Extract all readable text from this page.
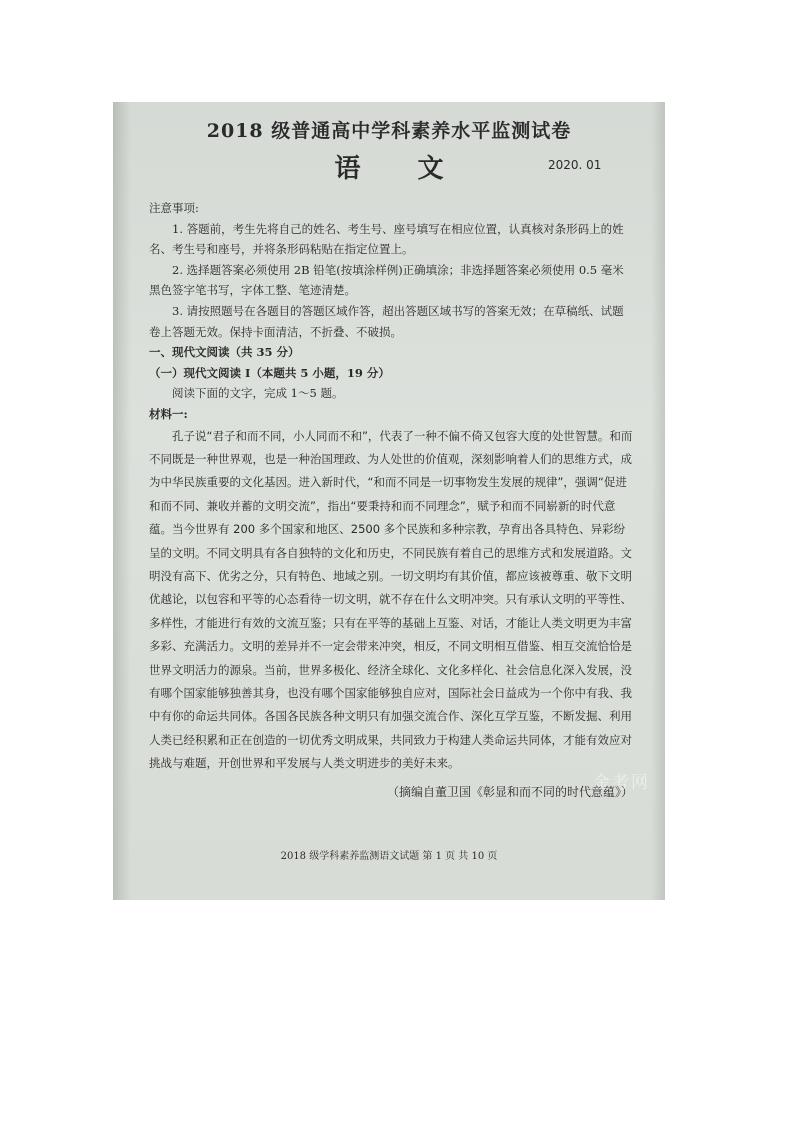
2018 级普通高中学科素养水平监测试卷
语 文	2020. 01

注意事项:

1. 答题前，考生先将自己的姓名、考生号、座号填写在相应位置，认真核对条形码上的姓名、考生号和座号，并将条形码粘贴在指定位置上。

2. 选择题答案必须使用 2B 铅笔(按填涂样例)正确填涂；非选择题答案必须使用 0.5 毫米黑色签字笔书写，字体工整、笔迹清楚。

3. 请按照题号在各题目的答题区域作答，超出答题区域书写的答案无效；在草稿纸、试题卷上答题无效。保持卡面清洁，不折叠、不破损。

一、现代文阅读（共 35 分）

（一）现代文阅读 I（本题共 5 小题，19 分）

阅读下面的文字，完成 1～5 题。

材料一:

孔子说“君子和而不同，小人同而不和”，代表了一种不偏不倚又包容大度的处世智慧。和而不同既是一种世界观，也是一种治国理政、为人处世的价值观，深刻影响着人们的思维方式，成为中华民族重要的文化基因。进入新时代，“和而不同是一切事物发生发展的规律”，强调“促进和而不同、兼收并蓄的文明交流”，指出“要秉持和而不同理念”，赋予和而不同崭新的时代意蕴。当今世界有 200 多个国家和地区、2500 多个民族和多种宗教，孕育出各具特色、异彩纷呈的文明。不同文明具有各自独特的文化和历史，不同民族有着自己的思维方式和发展道路。文明没有高下、优劣之分，只有特色、地域之别。一切文明均有其价值，都应该被尊重、敬下文明优越论，以包容和平等的心态看待一切文明，就不存在什么文明冲突。只有承认文明的平等性、多样性，才能进行有效的文流互鉴；只有在平等的基础上互鉴、对话，才能让人类文明更为丰富多彩、充满活力。文明的差异并不一定会带来冲突，相反，不同文明相互借鉴、相互交流恰恰是世界文明活力的源泉。当前，世界多极化、经济全球化、文化多样化、社会信息化深入发展，没有哪个国家能够独善其身，也没有哪个国家能够独自应对，国际社会日益成为一个你中有我、我中有你的命运共同体。各国各民族各种文明只有加强交流合作、深化互学互鉴，不断发掘、利用人类已经积累和正在创造的一切优秀文明成果，共同致力于构建人类命运共同体，才能有效应对挑战与难题，开创世界和平发展与人类文明进步的美好未来。

（摘编自董卫国《彰显和而不同的时代意蕴》）

金考网
2018 级学科素养监测语文试题 第 1 页 共 10 页
